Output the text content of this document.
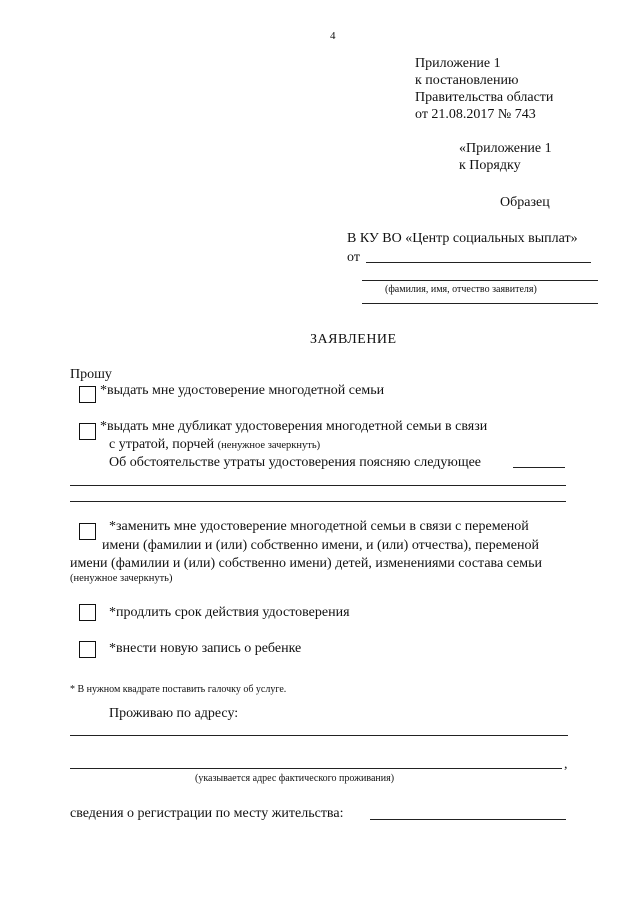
4
Приложение 1
к постановлению
Правительства области
от 21.08.2017 № 743
«Приложение 1
к Порядку
Образец
В КУ ВО «Центр социальных выплат»
от
(фамилия, имя, отчество заявителя)
ЗАЯВЛЕНИЕ
Прошу
*выдать мне удостоверение многодетной семьи
*выдать мне дубликат удостоверения многодетной семьи в связи
с утратой, порчей (ненужное зачеркнуть)
Об обстоятельстве утраты удостоверения поясняю следующее
*заменить мне удостоверение многодетной семьи в связи с переменой
имени (фамилии и (или) собственно имени, и (или) отчества), переменой
имени (фамилии и (или) собственно имени) детей, изменениями состава семьи
(ненужное зачеркнуть)
*продлить срок действия удостоверения
*внести новую запись о ребенке
* В нужном квадрате поставить галочку об услуге.
Проживаю по адресу:
,
(указывается адрес фактического проживания)
сведения о регистрации по месту жительства:
